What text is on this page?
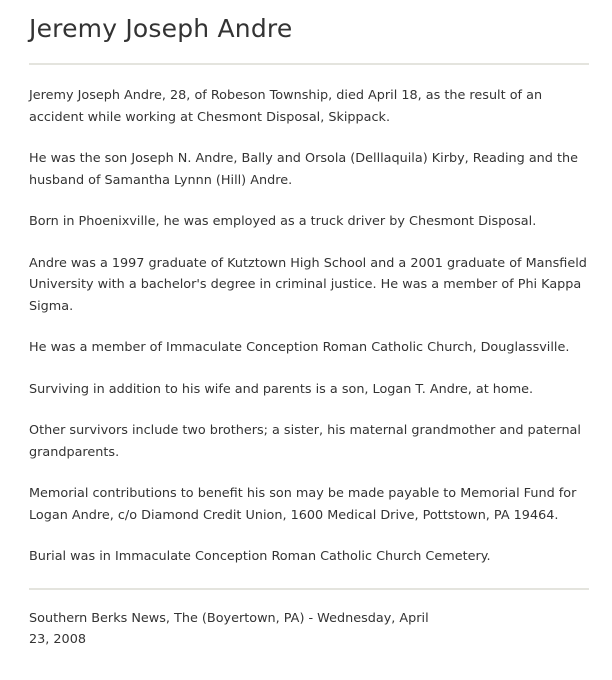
Jeremy Joseph Andre

Jeremy Joseph Andre, 28, of Robeson Township, died April 18, as the result of an accident while working at Chesmont Disposal, Skippack.

He was the son Joseph N. Andre, Bally and Orsola (Delllaquila) Kirby, Reading and the husband of Samantha Lynnn (Hill) Andre.

Born in Phoenixville, he was employed as a truck driver by Chesmont Disposal.

Andre was a 1997 graduate of Kutztown High School and a 2001 graduate of Mansfield University with a bachelor's degree in criminal justice. He was a member of Phi Kappa Sigma.

He was a member of Immaculate Conception Roman Catholic Church, Douglassville.

Surviving in addition to his wife and parents is a son, Logan T. Andre, at home.

Other survivors include two brothers; a sister, his maternal grandmother and paternal grandparents.

Memorial contributions to benefit his son may be made payable to Memorial Fund for Logan Andre, c/o Diamond Credit Union, 1600 Medical Drive, Pottstown, PA 19464.

Burial was in Immaculate Conception Roman Catholic Church Cemetery.

Southern Berks News, The (Boyertown, PA) - Wednesday, April 23, 2008
